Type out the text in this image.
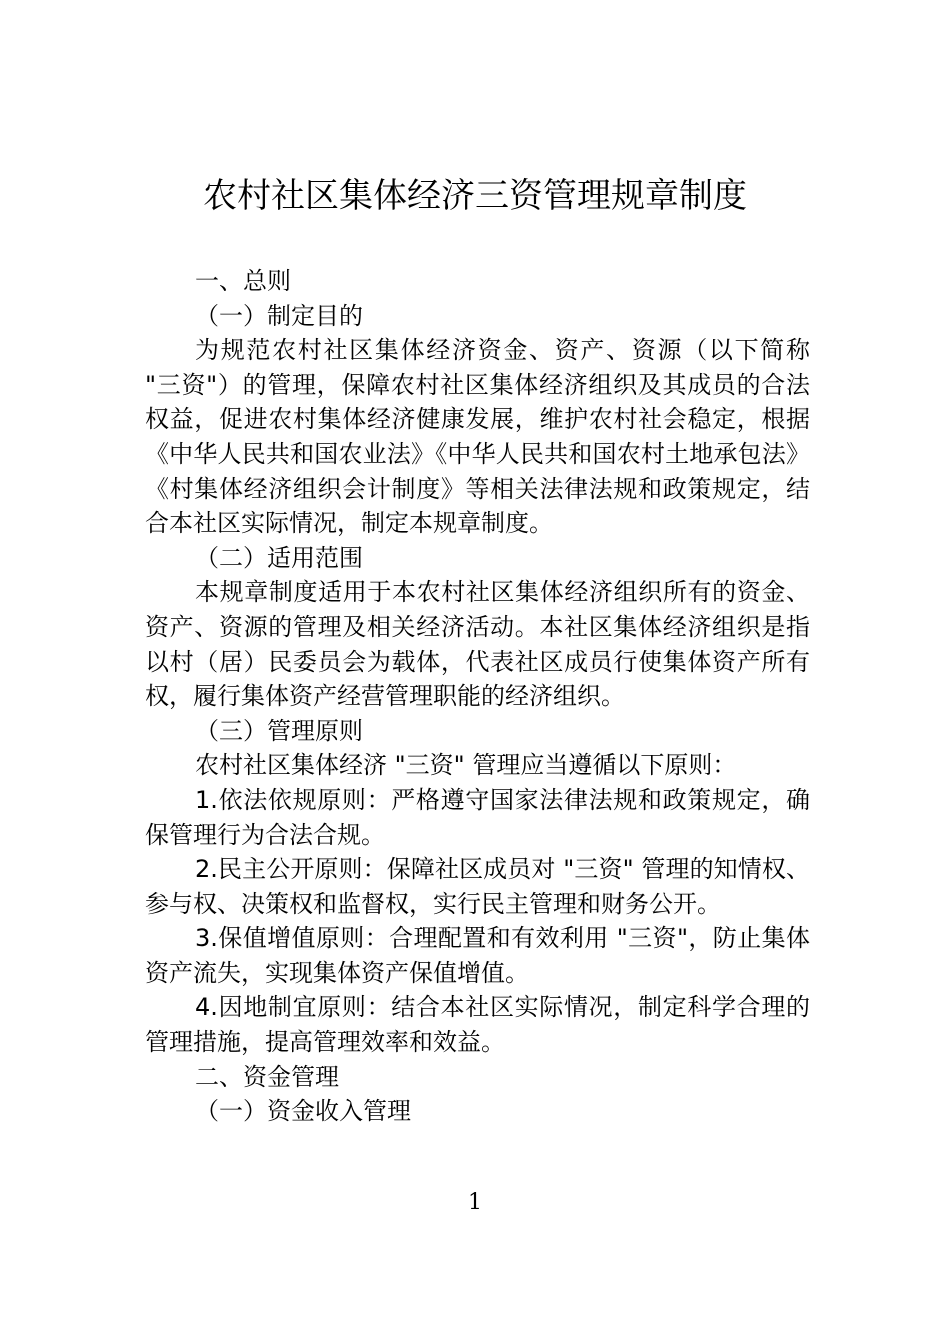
农村社区集体经济三资管理规章制度

一、总则

（一）制定目的

为规范农村社区集体经济资金、资产、资源（以下简称 "三资"）的管理，保障农村社区集体经济组织及其成员的合法权益，促进农村集体经济健康发展，维护农村社会稳定，根据《中华人民共和国农业法》《中华人民共和国农村土地承包法》《村集体经济组织会计制度》等相关法律法规和政策规定，结合本社区实际情况，制定本规章制度。

（二）适用范围

本规章制度适用于本农村社区集体经济组织所有的资金、资产、资源的管理及相关经济活动。本社区集体经济组织是指以村（居）民委员会为载体，代表社区成员行使集体资产所有权，履行集体资产经营管理职能的经济组织。

（三）管理原则

农村社区集体经济 "三资" 管理应当遵循以下原则：

1.依法依规原则：严格遵守国家法律法规和政策规定，确保管理行为合法合规。

2.民主公开原则：保障社区成员对 "三资" 管理的知情权、参与权、决策权和监督权，实行民主管理和财务公开。

3.保值增值原则：合理配置和有效利用 "三资"，防止集体资产流失，实现集体资产保值增值。

4.因地制宜原则：结合本社区实际情况，制定科学合理的管理措施，提高管理效率和效益。

二、资金管理

（一）资金收入管理

1
